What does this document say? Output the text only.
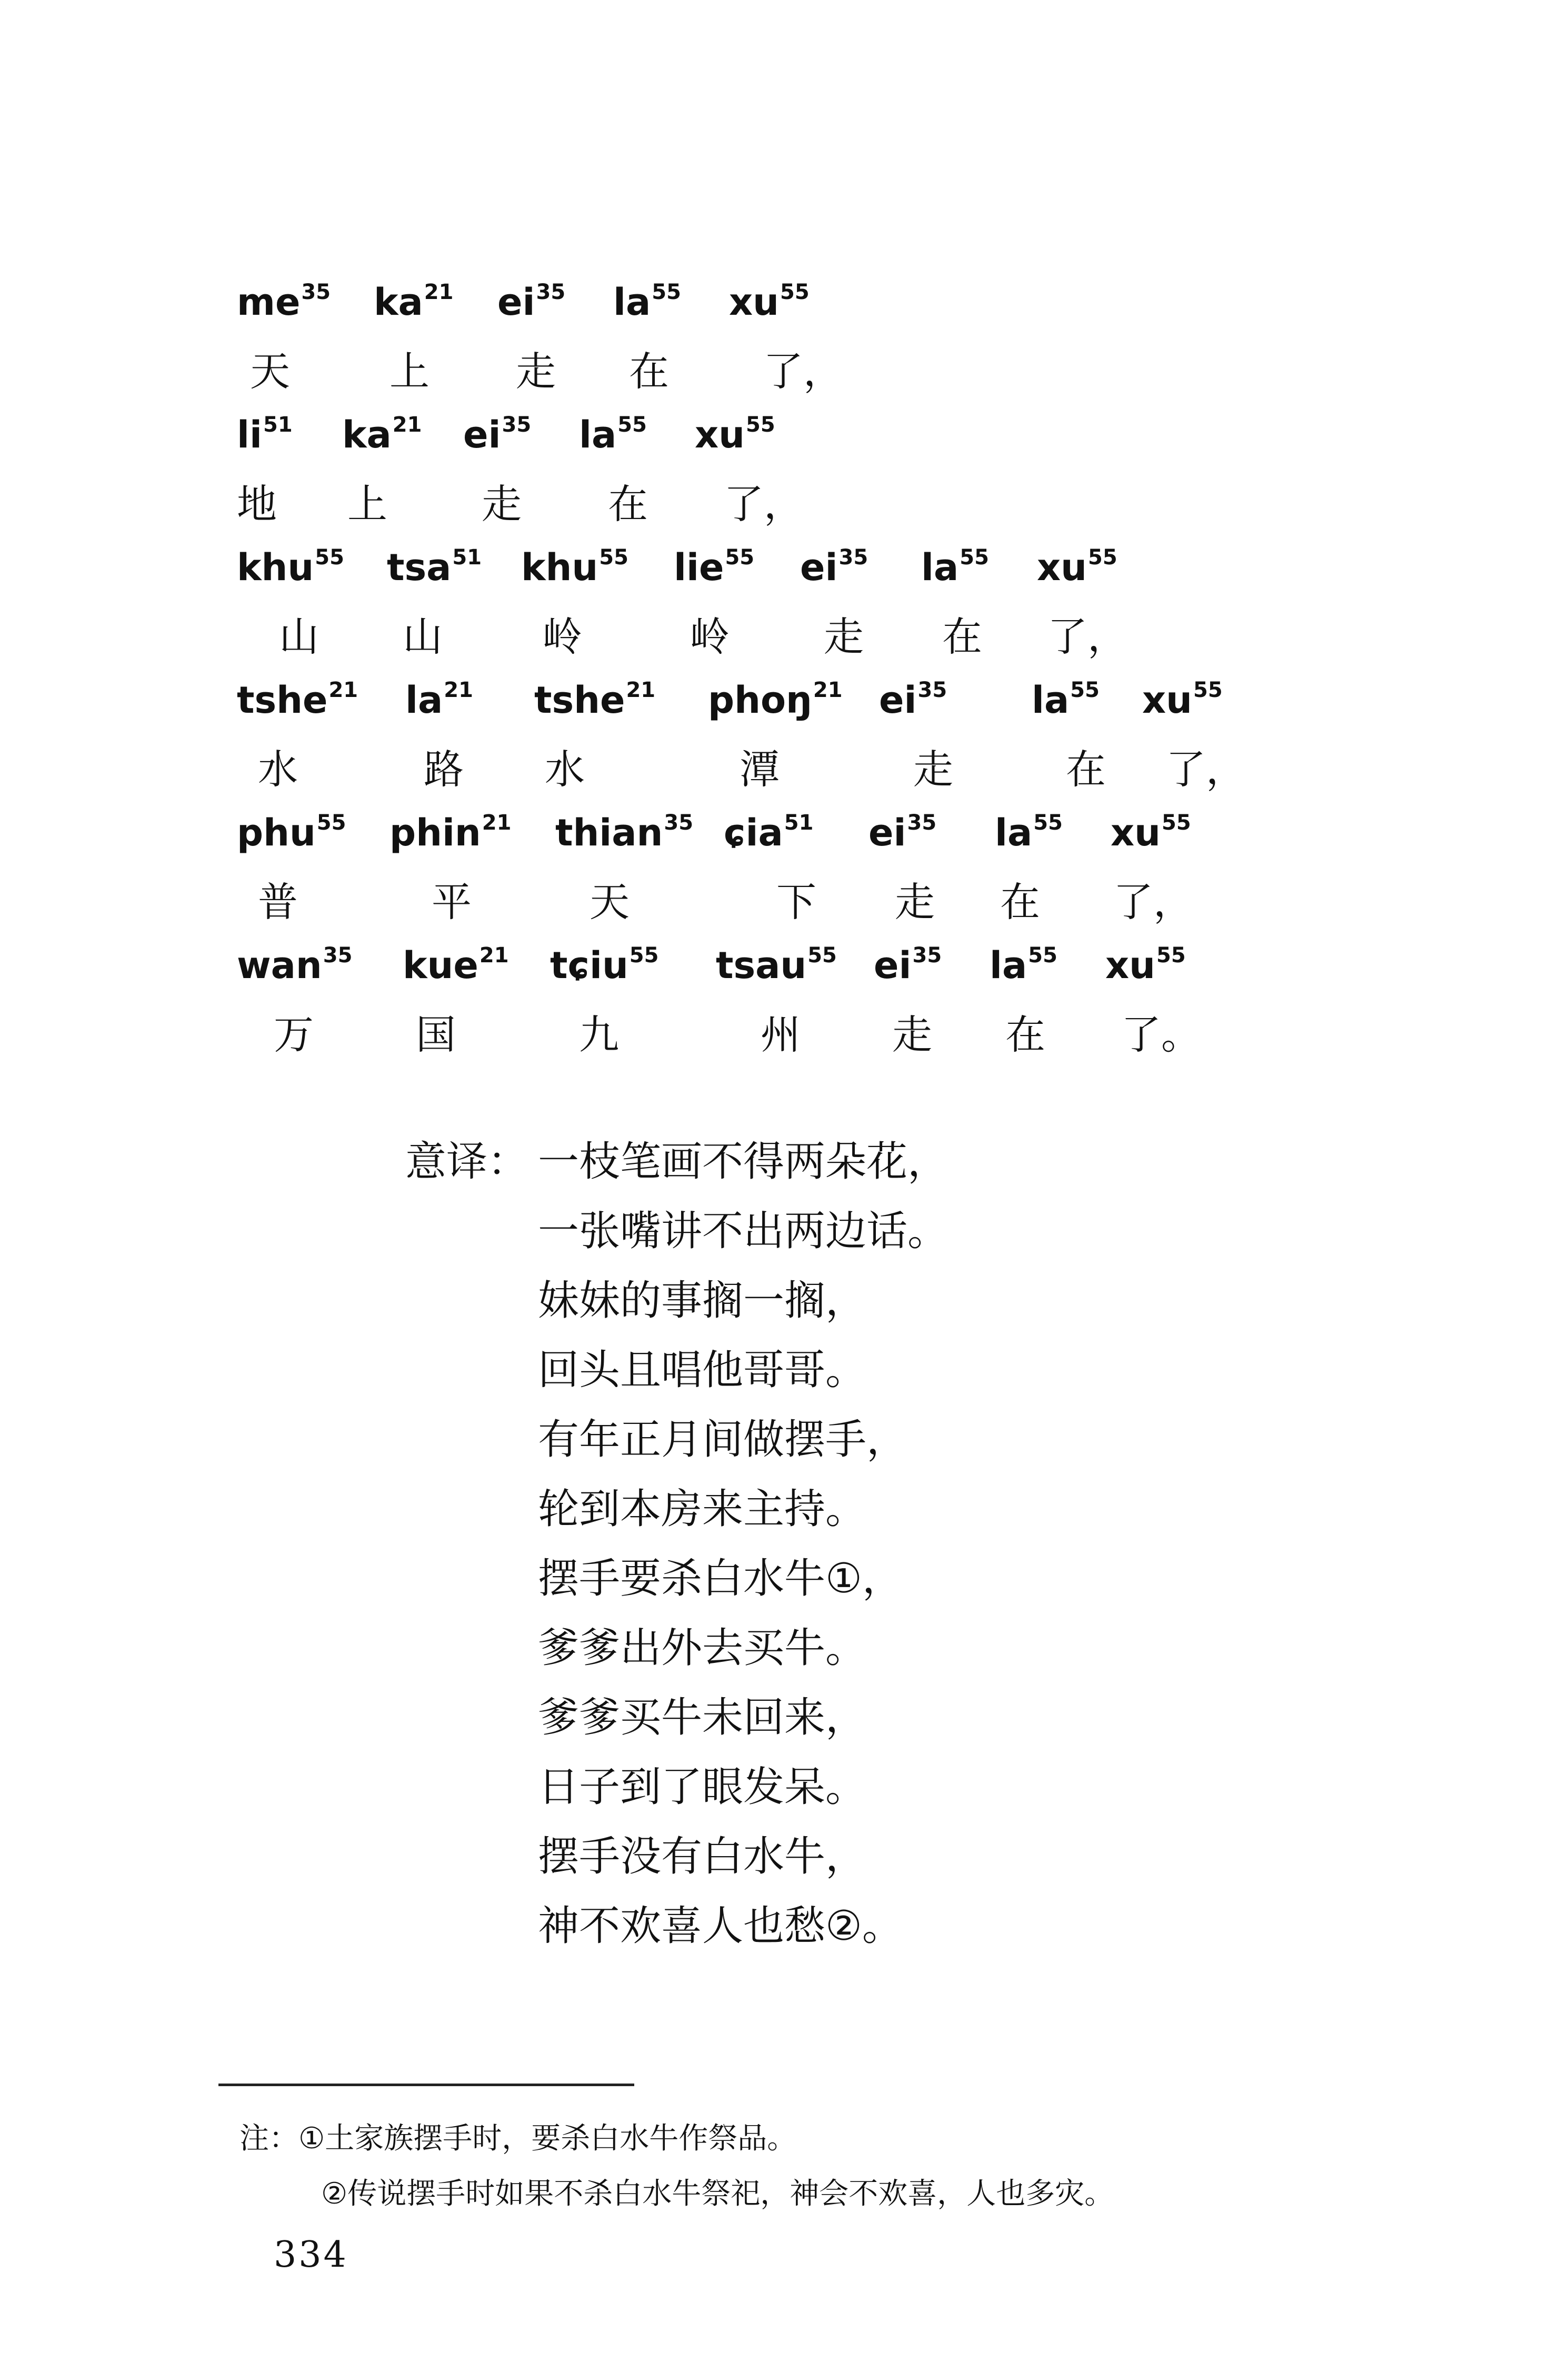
$me^{35}$ $ka^{21}$ $ei^{35}$ $la^{55}$ $xu^{55}$
天 上 走 在 了，
$li^{51}$ $ka^{21}$ $ei^{35}$ $la^{55}$ $xu^{55}$
地 上 走 在 了，
khu$^{55}$ tsa$^{51}$ khu$^{55}$ lie$^{55}$ $ei^{35}$ $la^{55}$ $xu^{55}$
山 山 岭	岭 走 在 了，
tshe$^{21}$ $la^{21}$ tshe$^{21}$ phoŋ$^{21}$ $ei^{35}$ $la^{55}$ $xu^{55}$
水	路 水	潭	走	在 了，
phu$^{55}$ phin$^{21}$ thian$^{35}$ ɕia$^{51}$ $ei^{35}$ $la^{55}$ $xu^{55}$
普	平	天	下 走 在 了，
wan$^{35}$ kue$^{21}$ tɕiu$^{55}$ tsau$^{55}$ $ei^{35}$ $la^{55}$ $xu^{55}$
万	国	九	州 走 在 了。
意译： 一枝笔画不得两朵花，
一张嘴讲不出两边话。
妹妹的事搁一搁，
回头且唱他哥哥。
有年正月间做摆手，
轮到本房来主持。
摆手要杀白水牛①，
爹爹出外去买牛。
爹爹买牛未回来，
日子到了眼发呆。
摆手没有白水牛，
神不欢喜人也愁②。
注：①土家族摆手时，要杀白水牛作祭品。
②传说摆手时如果不杀白水牛祭祀，神会不欢喜，人也多灾。
334
